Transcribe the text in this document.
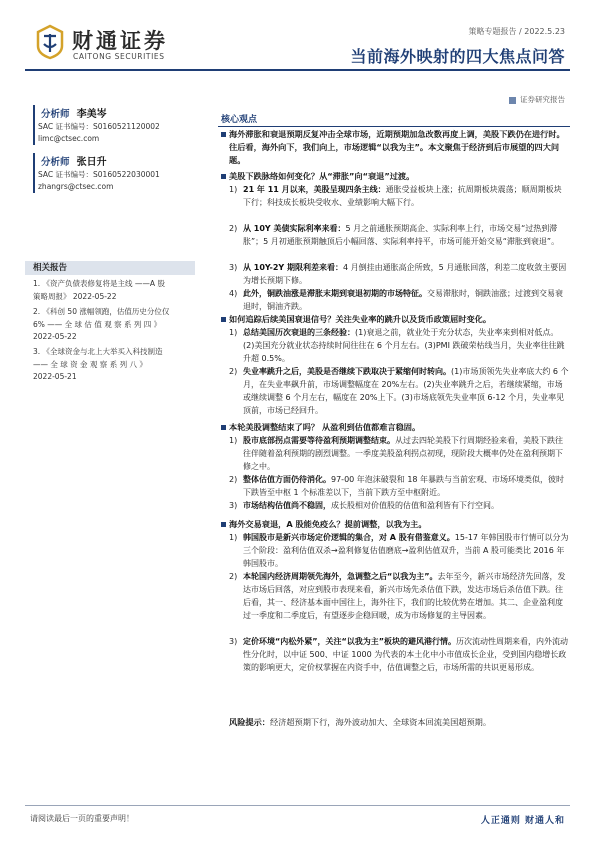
财通证券
CAITONG SECURITIES
策略专题报告 / 2022.5.23
当前海外映射的四大焦点问答
证券研究报告
分析师 李美岑
SAC 证书编号：S0160521120002
limc@ctsec.com
分析师 张日升
SAC 证书编号：S0160522030001
zhangrs@ctsec.com
相关报告
1. 《资产负债表修复将是主线 ——A 股
策略周报》 2022-05-22
2. 《科创 50 涨幅领跑，估值历史分位仅
6% —— 全 球 估 值 观 察 系 列 四 》
2022-05-22
3. 《全球资金与北上大举买入科技制造
—— 全 球 资 金 观 察 系 列 八 》
2022-05-21
核心观点
海外滞胀和衰退预期反复冲击全球市场，近期预期加急改数再度上调，美股下跌仍在进行时。往后看，海外向下，我们向上，市场逻辑“以我为主”。本文聚焦于经济到后市展望的四大问题。
美股下跌脉络如何变化？从“滞胀”向“衰退”过渡。
1) 21 年 11 月以来，美股呈现四条主线：通胀受益板块上涨；抗周期板块震荡；顺周期板块下行；科技成长板块受收水、业绩影响大幅下行。
2) 从 10Y 美债实际利率来看：5 月之前通胀预期高企、实际利率上行，市场交易“过热到滞胀”；5 月初通胀预期触顶后小幅回落、实际利率持平，市场可能开始交易“滞胀到衰退”。
3) 从 10Y-2Y 期限利差来看：4 月倒挂由通胀高企所致，5 月通胀回落，利差二度收敛主要因为增长预期下修。
4) 此外，铜跌油涨是滞胀末期到衰退初期的市场特征。交易滞胀时，铜跌油涨；过渡到交易衰退时，铜油齐跌。
如何追踪后续美国衰退信号？关注失业率的跳升以及货币政策屈时变化。
1) 总结美国历次衰退的三条经验：(1)衰退之前，就业处于充分状态，失业率来到相对低点。(2)美国充分就业状态持续时间往往在 6 个月左右。(3)PMI 跌破荣枯线当月，失业率往往跳升超 0.5%。
2) 失业率跳升之后，美股是否继续下跌取决于紧缩何时转向。(1)市场顶领先失业率底大约 6 个月，在失业率飙升前，市场调整幅度在 20%左右。(2)失业率跳升之后，若继续紧缩，市场或继续调整 6 个月左右，幅度在 20%上下。(3)市场底领先失业率顶 6-12 个月，失业率见顶前，市场已经回升。
本轮美股调整结束了吗？ 从盈利到估值都难言稳固。
1) 股市底部拐点需要等待盈利预期调整结束。从过去四轮美股下行周期经验来看，美股下跌往往伴随着盈利预期的剧烈调整。一季度美股盈利拐点初现，现阶段大概率仍处在盈利预期下修之中。
2) 整体估值方面仍待消化。97-00 年泡沫破裂和 18 年暴跌与当前宏观、市场环境类似，彼时下跌皆至中枢 1 个标准差以下，当前下跌方至中枢附近。
3) 市场结构估值尚不稳固，成长股相对价值股的估值和盈利皆有下行空间。
海外交易衰退，A 股能免疫么？提前调整，以我为主。
1) 韩国股市是新兴市场定价逻辑的集合，对 A 股有借鉴意义。15-17 年韩国股市行情可以分为三个阶段：盈利估值双杀→盈利修复估值磨底→盈利估值双升，当前 A 股可能类比 2016 年韩国股市。
2) 本轮国内经济周期领先海外，急调整之后“以我为主”。去年至今，新兴市场经济先回落，发达市场后回落，对应到股市表现来看，新兴市场先杀估值下跌，发达市场后杀估值下跌。往后看，其一、经济基本面中国往上，海外往下，我们的比较优势在增加。其二、企业盈利度过一季度和二季度后，有望逐步企稳回暖，成为市场修复的主导因素。
3) 定价环境“内松外紧”，关注“以我为主”板块的避风港行情。历次流动性周期来看，内外流动性分化时，以中证 500、中证 1000 为代表的本土化中小市值成长企业，受到国内稳增长政策的影响更大，定价权掌握在内资手中，估值调整之后，市场所需的共识更易形成。
风险提示：经济超预期下行，海外波动加大、全球资本回流美国超预期。
请阅读最后一页的重要声明！	人正通则 财通人和
